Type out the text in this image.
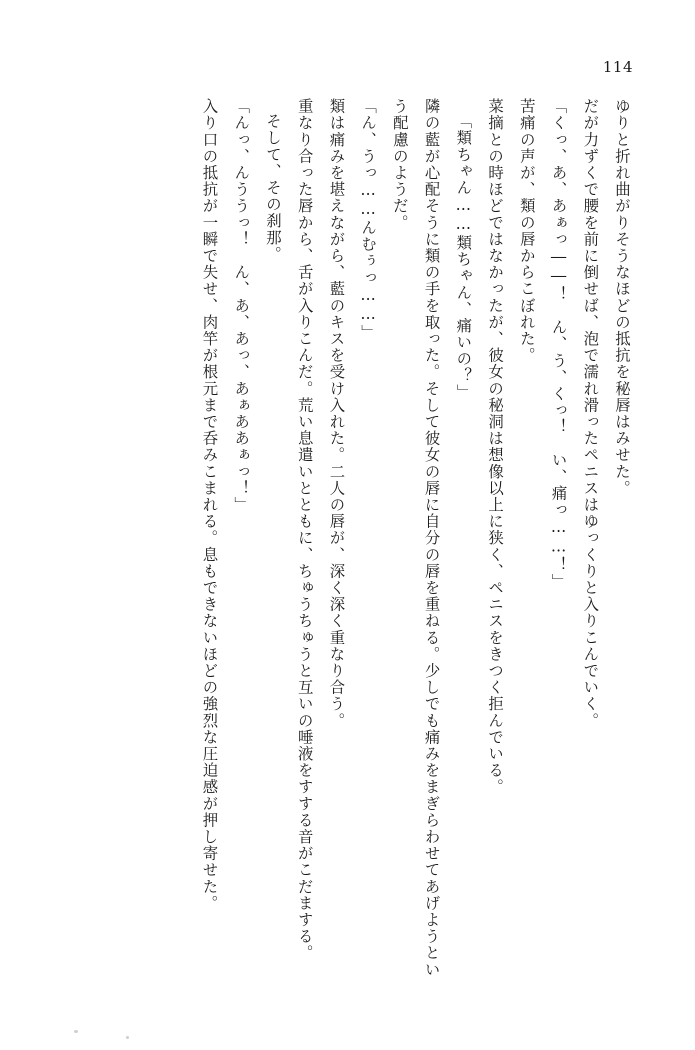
114

ゆりと折れ曲がりそうなほどの抵抗を秘唇はみせた。

だが力ずくで腰を前に倒せば、泡で濡れ滑ったペニスはゆっくりと入りこんでいく。

「くっ、あ、あぁっ――！　ん、う、くっ！　い、痛っ……！」

苦痛の声が、類の唇からこぼれた。

菜摘との時ほどではなかったが、彼女の秘洞は想像以上に狭く、ペニスをきつく拒んでいる。

「類ちゃん……類ちゃん、痛いの？」

隣の藍が心配そうに類の手を取った。そして彼女の唇に自分の唇を重ねる。少しでも痛みをまぎらわせてあげようという配慮のようだ。

「ん、うっ……んむぅっ……」

類は痛みを堪えながら、藍のキスを受け入れた。二人の唇が、深く深く重なり合う。

重なり合った唇から、舌が入りこんだ。荒い息遣いとともに、ちゅうちゅうと互いの唾液をすする音がこだまする。

そして、その刹那。

「んっ、んううっ！　ん、あ、あっ、あぁああぁっ！」

入り口の抵抗が一瞬で失せ、肉竿が根元まで呑みこまれる。息もできないほどの強烈な圧迫感が押し寄せた。
